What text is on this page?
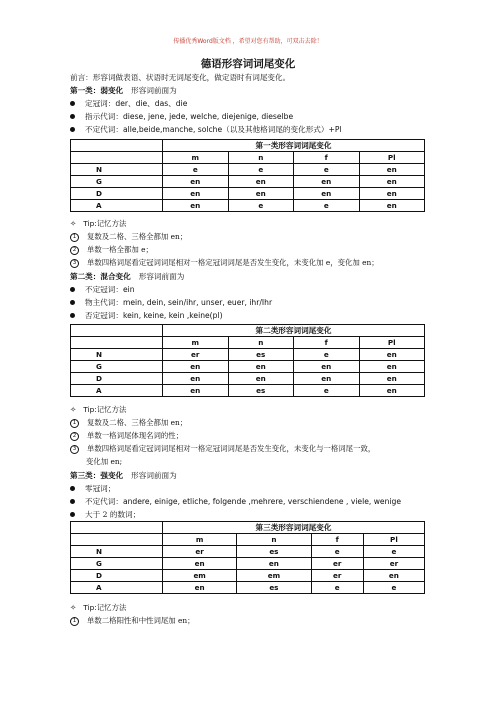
传播优秀Word版文档 ，希望对您有帮助，可双击去除！
德语形容词词尾变化
前言：形容词做表语、状语时无词尾变化，做定语时有词尾变化。
第一类：弱变化 形容词前面为
定冠词：der、die、das、die
指示代词：diese, jene, jede, welche, diejenige, dieselbe
不定代词：alle,beide,manche, solche（以及其他格词尾的变化形式）+Pl
	第一类形容词词尾变化			
	m	n	f	Pl
N	e	e	e	en
G	en	en	en	en
D	en	en	en	en
A	en	e	e	en
✧ Tip:记忆方法
1 复数及二格、三格全都加 en；
2 单数一格全都加 e；
3 单数四格词尾看定冠词词尾相对一格定冠词词尾是否发生变化，未变化加 e，变化加 en；
第二类：混合变化 形容词前面为
不定冠词：ein
物主代词：mein, dein, sein/ihr, unser, euer, ihr/Ihr
否定冠词：kein, keine, kein ,keine(pl)
	第二类形容词词尾变化			
	m	n	f	Pl
N	er	es	e	en
G	en	en	en	en
D	en	en	en	en
A	en	es	e	en
✧ Tip:记忆方法
1 复数及二格、三格全都加 en；
2 单数一格词尾体现名词的性；
3 单数四格词尾看定冠词词尾相对一格定冠词词尾是否发生变化，未变化与一格词尾一致，
变化加 en;
第三类：强变化 形容词前面为
零冠词；
不定代词：andere, einige, etliche, folgende ,mehrere, verschiendene , viele, wenige
大于 2 的数词；
	第三类形容词词尾变化			
	m	n	f	Pl
N	er	es	e	e
G	en	en	er	er
D	em	em	er	en
A	en	es	e	e
✧ Tip:记忆方法
1 单数二格阳性和中性词尾加 en；
